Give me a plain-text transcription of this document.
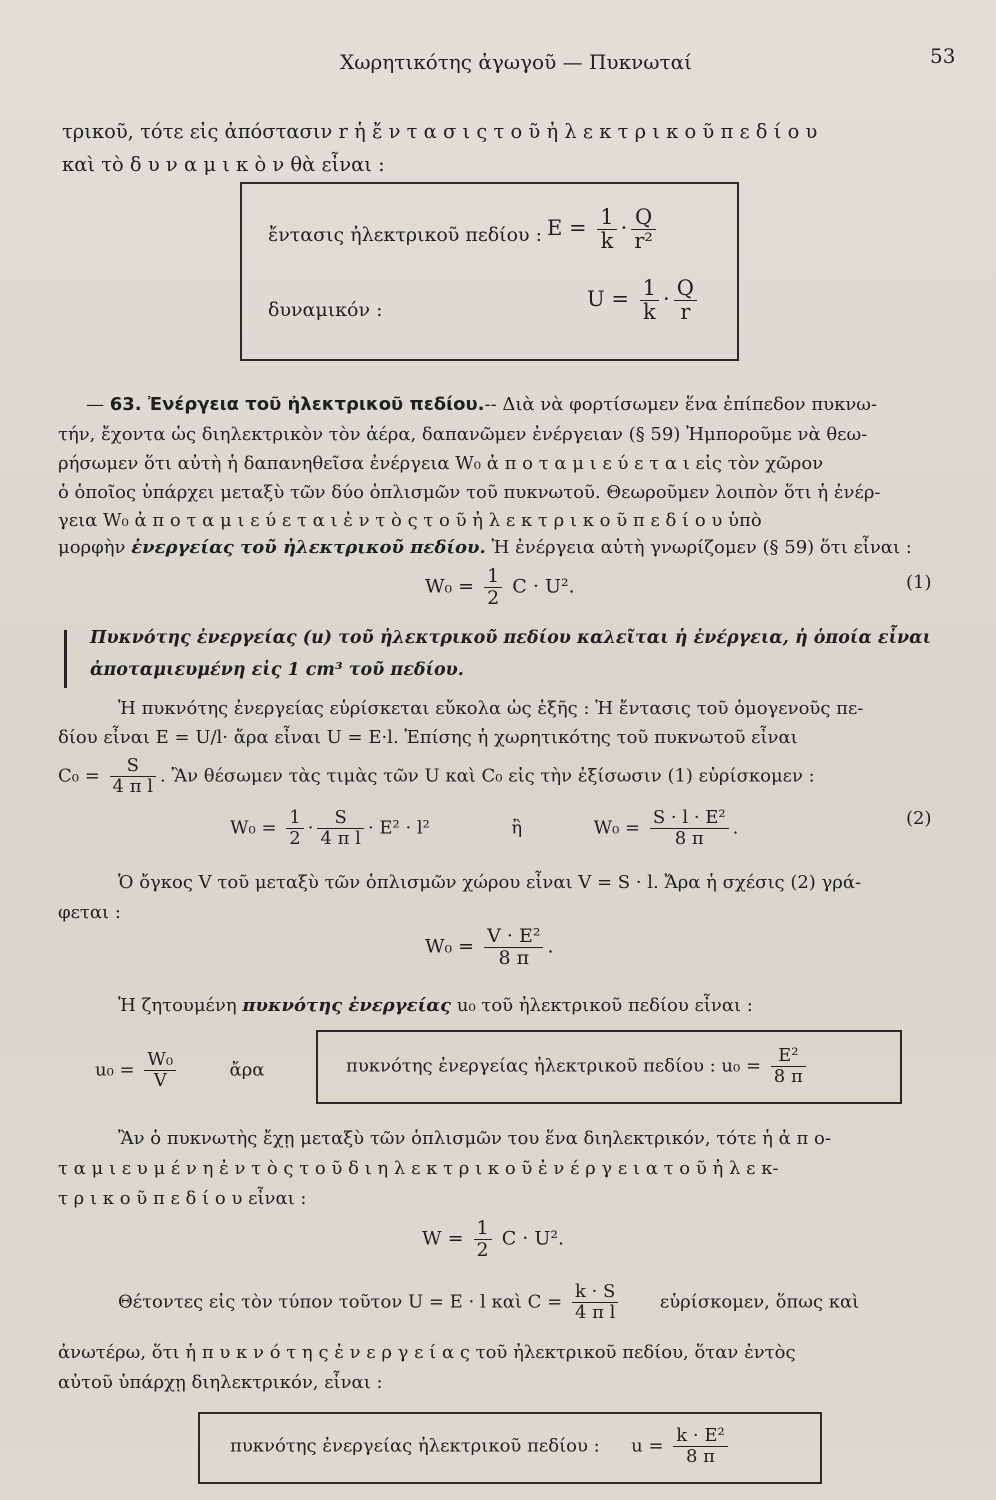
Χωρητικότης ἀγωγοῦ — Πυκνωταί	53
τρικοῦ, τότε εἰς ἀπόστασιν r ἡ ἔ ν τ α σ ι ς τ ο ῦ ἠ λ ε κ τ ρ ι κ ο ῦ π ε δ ί ο υ
καὶ τὸ δ υ ν α μ ι κ ὸ ν θὰ εἶναι :
ἔντασις ἠλεκτρικοῦ πεδίου : $E = \frac{1}{k} \cdot \frac{Q}{\text{r²}}$
δυναμικόν :	$U = \frac{1}{k} \cdot \frac{Q}{r}$
— 63. Ἐνέργεια τοῦ ἠλεκτρικοῦ πεδίου.-- Διὰ νὰ φορτίσωμεν ἕνα ἐπίπεδον πυκνω-
τήν, ἔχοντα ὡς διηλεκτρικὸν τὸν ἀέρα, δαπανῶμεν ἐνέργειαν (§ 59) Ἠμποροῦμε νὰ θεω-
ρήσωμεν ὅτι αὐτὴ ἡ δαπανηθεῖσα ἐνέργεια W₀ ἀ π ο τ α μ ι ε ύ ε τ α ι εἰς τὸν χῶρον
ὁ ὁποῖος ὑπάρχει μεταξὺ τῶν δύο ὁπλισμῶν τοῦ πυκνωτοῦ. Θεωροῦμεν λοιπὸν ὅτι ἡ ἐνέρ-
γεια W₀ ἀ π ο τ α μ ι ε ύ ε τ α ι ἐ ν τ ὸ ς τ ο ῦ ἠ λ ε κ τ ρ ι κ ο ῦ π ε δ ί ο υ ὑπὸ
μορφὴν ἐνεργείας τοῦ ἠλεκτρικοῦ πεδίου. Ἡ ἐνέργεια αὐτὴ γνωρίζομεν (§ 59) ὅτι εἶναι :
$W_0 = \frac{1}{2}$ C · U².	(1)
Πυκνότης ἐνεργείας (u) τοῦ ἠλεκτρικοῦ πεδίου καλεῖται ἡ ἐνέργεια, ἡ ὁποία εἶναι
ἀποταμιευμένη εἰς 1 cm³ τοῦ πεδίου.
Ἡ πυκνότης ἐνεργείας εὑρίσκεται εὔκολα ὡς ἑξῆς : Ἡ ἔντασις τοῦ ὁμογενοῦς πε-
δίου εἶναι E = U/l· ἄρα εἶναι U = E·l. Ἐπίσης ἡ χωρητικότης τοῦ πυκνωτοῦ εἶναι
$C_0 = \frac{S}{\text{4 π l}}$ . Ἂν θέσωμεν τὰς τιμὰς τῶν U καὶ C₀ εἰς τὴν ἐξίσωσιν (1) εὑρίσκομεν :
$W_0 = \frac{1}{2} \cdot \frac{S}{\text{4 π l}} \cdot E^2 \cdot l^2$	ἢ	$W_0 = \frac{\text{S · l · E²}}{8 \pi}$ .	(2)
Ὁ ὄγκος V τοῦ μεταξὺ τῶν ὁπλισμῶν χώρου εἶναι V = S · l. Ἄρα ἡ σχέσις (2) γρά-
φεται :
$W_0 = \frac{\text{V · E²}}{8 \pi}$ .
Ἡ ζητουμένη πυκνότης ἐνεργείας u₀ τοῦ ἠλεκτρικοῦ πεδίου εἶναι :
$u_0 = \frac{\text{W₀}}{V}$	ἄρα	πυκνότης ἐνεργείας ἠλεκτρικοῦ πεδίου : $u_0 = \frac{\text{E²}}{8 \pi}$
Ἂν ὁ πυκνωτὴς ἔχῃ μεταξὺ τῶν ὁπλισμῶν του ἕνα διηλεκτρικόν, τότε ἡ ἀ π ο-
τ α μ ι ε υ μ έ ν η ἐ ν τ ὸ ς τ ο ῦ δ ι η λ ε κ τ ρ ι κ ο ῦ ἐ ν έ ρ γ ε ι α τ ο ῦ ἠ λ ε κ-
τ ρ ι κ ο ῦ π ε δ ί ο υ εἶναι :
$W = \frac{1}{2}$ C · U².
Θέτοντες εἰς τὸν τύπον τοῦτον U = E · l καὶ $C = \frac{k \cdot S}{\text{4 π l}}$ εὑρίσκομεν, ὅπως καὶ
ἀνωτέρω, ὅτι ἡ π υ κ ν ό τ η ς ἐ ν ε ρ γ ε ί α ς τοῦ ἠλεκτρικοῦ πεδίου, ὅταν ἐντὸς
αὐτοῦ ὑπάρχῃ διηλεκτρικόν, εἶναι :
πυκνότης ἐνεργείας ἠλεκτρικοῦ πεδίου : $u = \frac{\text{k · E²}}{8 \pi}$
